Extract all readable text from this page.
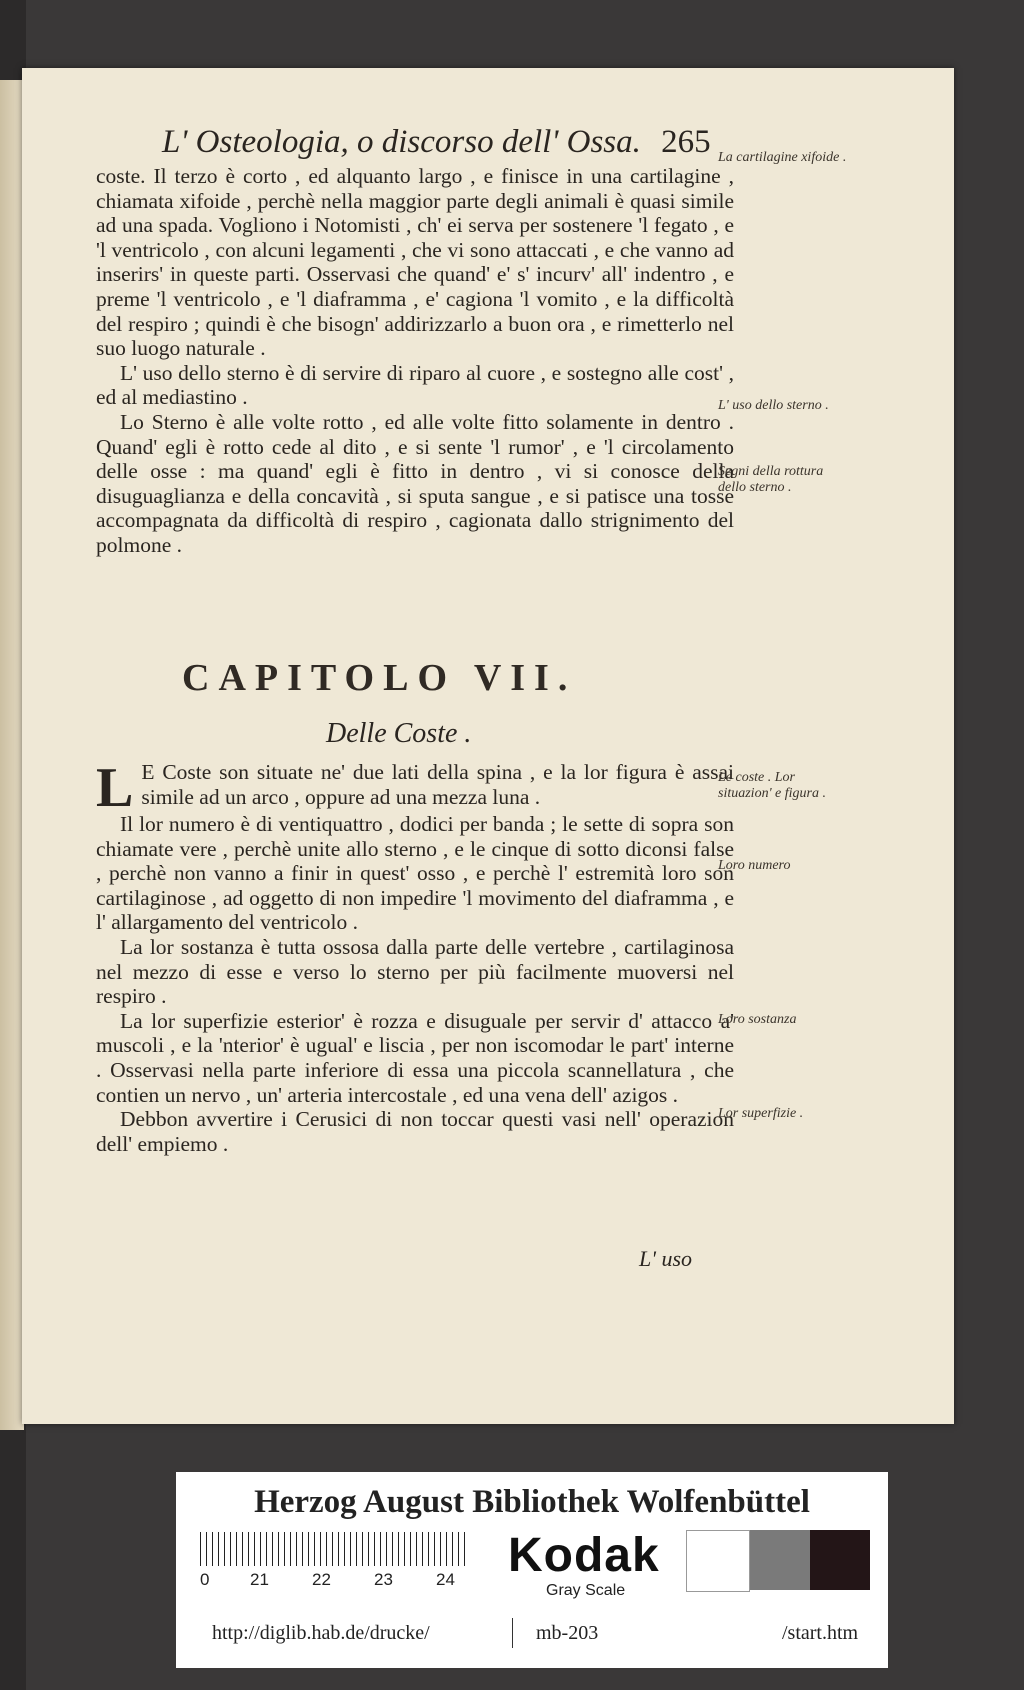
L' Osteologia, o discorso dell' Ossa. 265

coste. Il terzo è corto , ed alquanto largo , e finisce in una cartilagine , chiamata xifoide , perchè nella maggior parte degli animali è quasi simile ad una spada. Vogliono i Notomisti , ch' ei serva per sostenere 'l fegato , e 'l ventricolo , con alcuni legamenti , che vi sono attaccati , e che vanno ad inserirs' in queste parti. Osservasi che quand' e' s' incurv' all' indentro , e preme 'l ventricolo , e 'l diaframma , e' cagiona 'l vomito , e la difficoltà del respiro ; quindi è che bisogn' addirizzarlo a buon ora , e rimetterlo nel suo luogo naturale .

L' uso dello sterno è di servire di riparo al cuore , e sostegno alle cost' , ed al mediastino .

Lo Sterno è alle volte rotto , ed alle volte fitto solamente in dentro . Quand' egli è rotto cede al dito , e si sente 'l rumor' , e 'l circolamento delle osse : ma quand' egli è fitto in dentro , vi si conosce della disuguaglianza e della concavità , si sputa sangue , e si patisce una tosse accompagnata da difficoltà di respiro , cagionata dallo strignimento del polmone .

La cartilagine xifoide .
L' uso dello sterno .
Segni della rottura dello sterno .
CAPITOLO VII.
Delle Coste .

L E Coste son situate ne' due lati della spina , e la lor figura è assai simile ad un arco , oppure ad una mezza luna .

Il lor numero è di ventiquattro , dodici per banda ; le sette di sopra son chiamate vere , perchè unite allo sterno , e le cinque di sotto diconsi false , perchè non vanno a finir in quest' osso , e perchè l' estremità loro son cartilaginose , ad oggetto di non impedire 'l movimento del diaframma , e l' allargamento del ventricolo .

La lor sostanza è tutta ossosa dalla parte delle vertebre , cartilaginosa nel mezzo di esse e verso lo sterno per più facilmente muoversi nel respiro .

La lor superfizie esterior' è rozza e disuguale per servir d' attacco a' muscoli , e la 'nterior' è ugual' e liscia , per non iscomodar le part' interne . Osservasi nella parte inferiore di essa una piccola scannellatura , che contien un nervo , un' arteria intercostale , ed una vena dell' azigos .

Debbon avvertire i Cerusici di non toccar questi vasi nell' operazion dell' empiemo .

Le coste . Lor situazion' e figura .
Loro numero
Loro sostanza
Lor superfizie .
L' uso
Herzog August Bibliothek Wolfenbüttel
0 21	22	23	24 Kodak
Gray Scale
http://diglib.hab.de/drucke/	mb-203	/start.htm
